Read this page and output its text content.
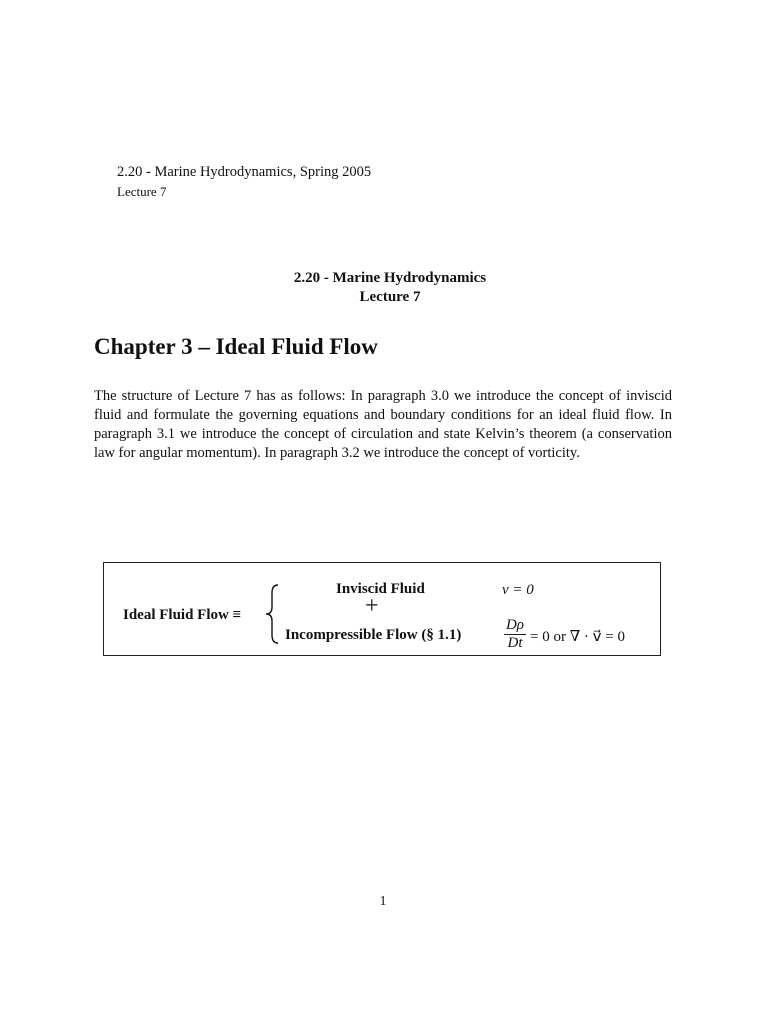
2.20 - Marine Hydrodynamics, Spring 2005
Lecture 7
2.20 - Marine Hydrodynamics
Lecture 7
Chapter 3 – Ideal Fluid Flow

The structure of Lecture 7 has as follows: In paragraph 3.0 we introduce the concept of inviscid fluid and formulate the governing equations and boundary conditions for an ideal fluid flow. In paragraph 3.1 we introduce the concept of circulation and state Kelvin’s theorem (a conservation law for angular momentum). In paragraph 3.2 we introduce the concept of vorticity.

Ideal Fluid Flow ≡
Inviscid Fluid
+
Incompressible Flow (§ 1.1)
ν = 0
Dρ
Dt = 0 or ∇ · v⃗ = 0
1
